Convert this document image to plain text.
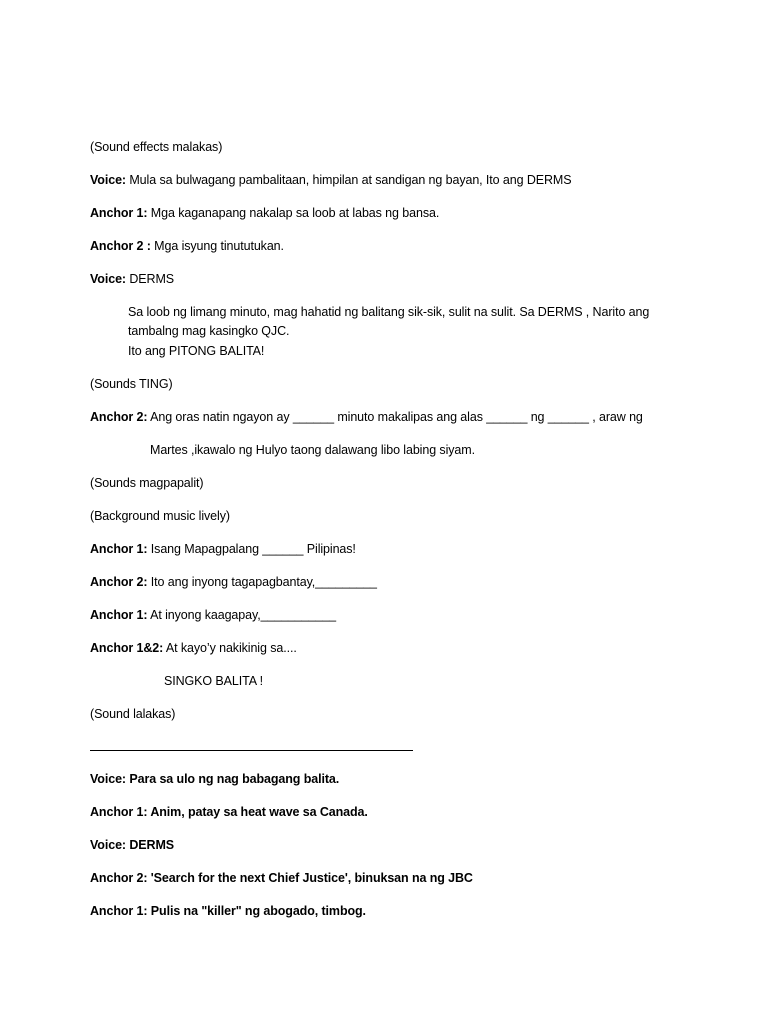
(Sound effects malakas)
Voice: Mula sa bulwagang pambalitaan, himpilan at sandigan ng bayan, Ito ang DERMS
Anchor 1: Mga kaganapang nakalap sa loob at labas ng bansa.
Anchor 2 : Mga isyung tinututukan.
Voice: DERMS
Sa loob ng limang minuto, mag hahatid ng balitang sik-sik, sulit na sulit. Sa DERMS , Narito ang
tambalng mag kasingko QJC.
Ito ang PITONG BALITA!
(Sounds TING)
Anchor 2: Ang oras natin ngayon ay ______ minuto makalipas ang alas ______ ng ______ , araw ng
Martes ,ikawalo ng Hulyo taong dalawang libo labing siyam.
(Sounds magpapalit)
(Background music lively)
Anchor 1: Isang Mapagpalang ______ Pilipinas!
Anchor 2: Ito ang inyong tagapagbantay,_________
Anchor 1: At inyong kaagapay,___________
Anchor 1&2: At kayo’y nakikinig sa....
SINGKO BALITA !
(Sound lalakas)
Voice: Para sa ulo ng nag babagang balita.
Anchor 1: Anim, patay sa heat wave sa Canada.
Voice: DERMS
Anchor 2: 'Search for the next Chief Justice', binuksan na ng JBC
Anchor 1: Pulis na "killer" ng abogado, timbog.
